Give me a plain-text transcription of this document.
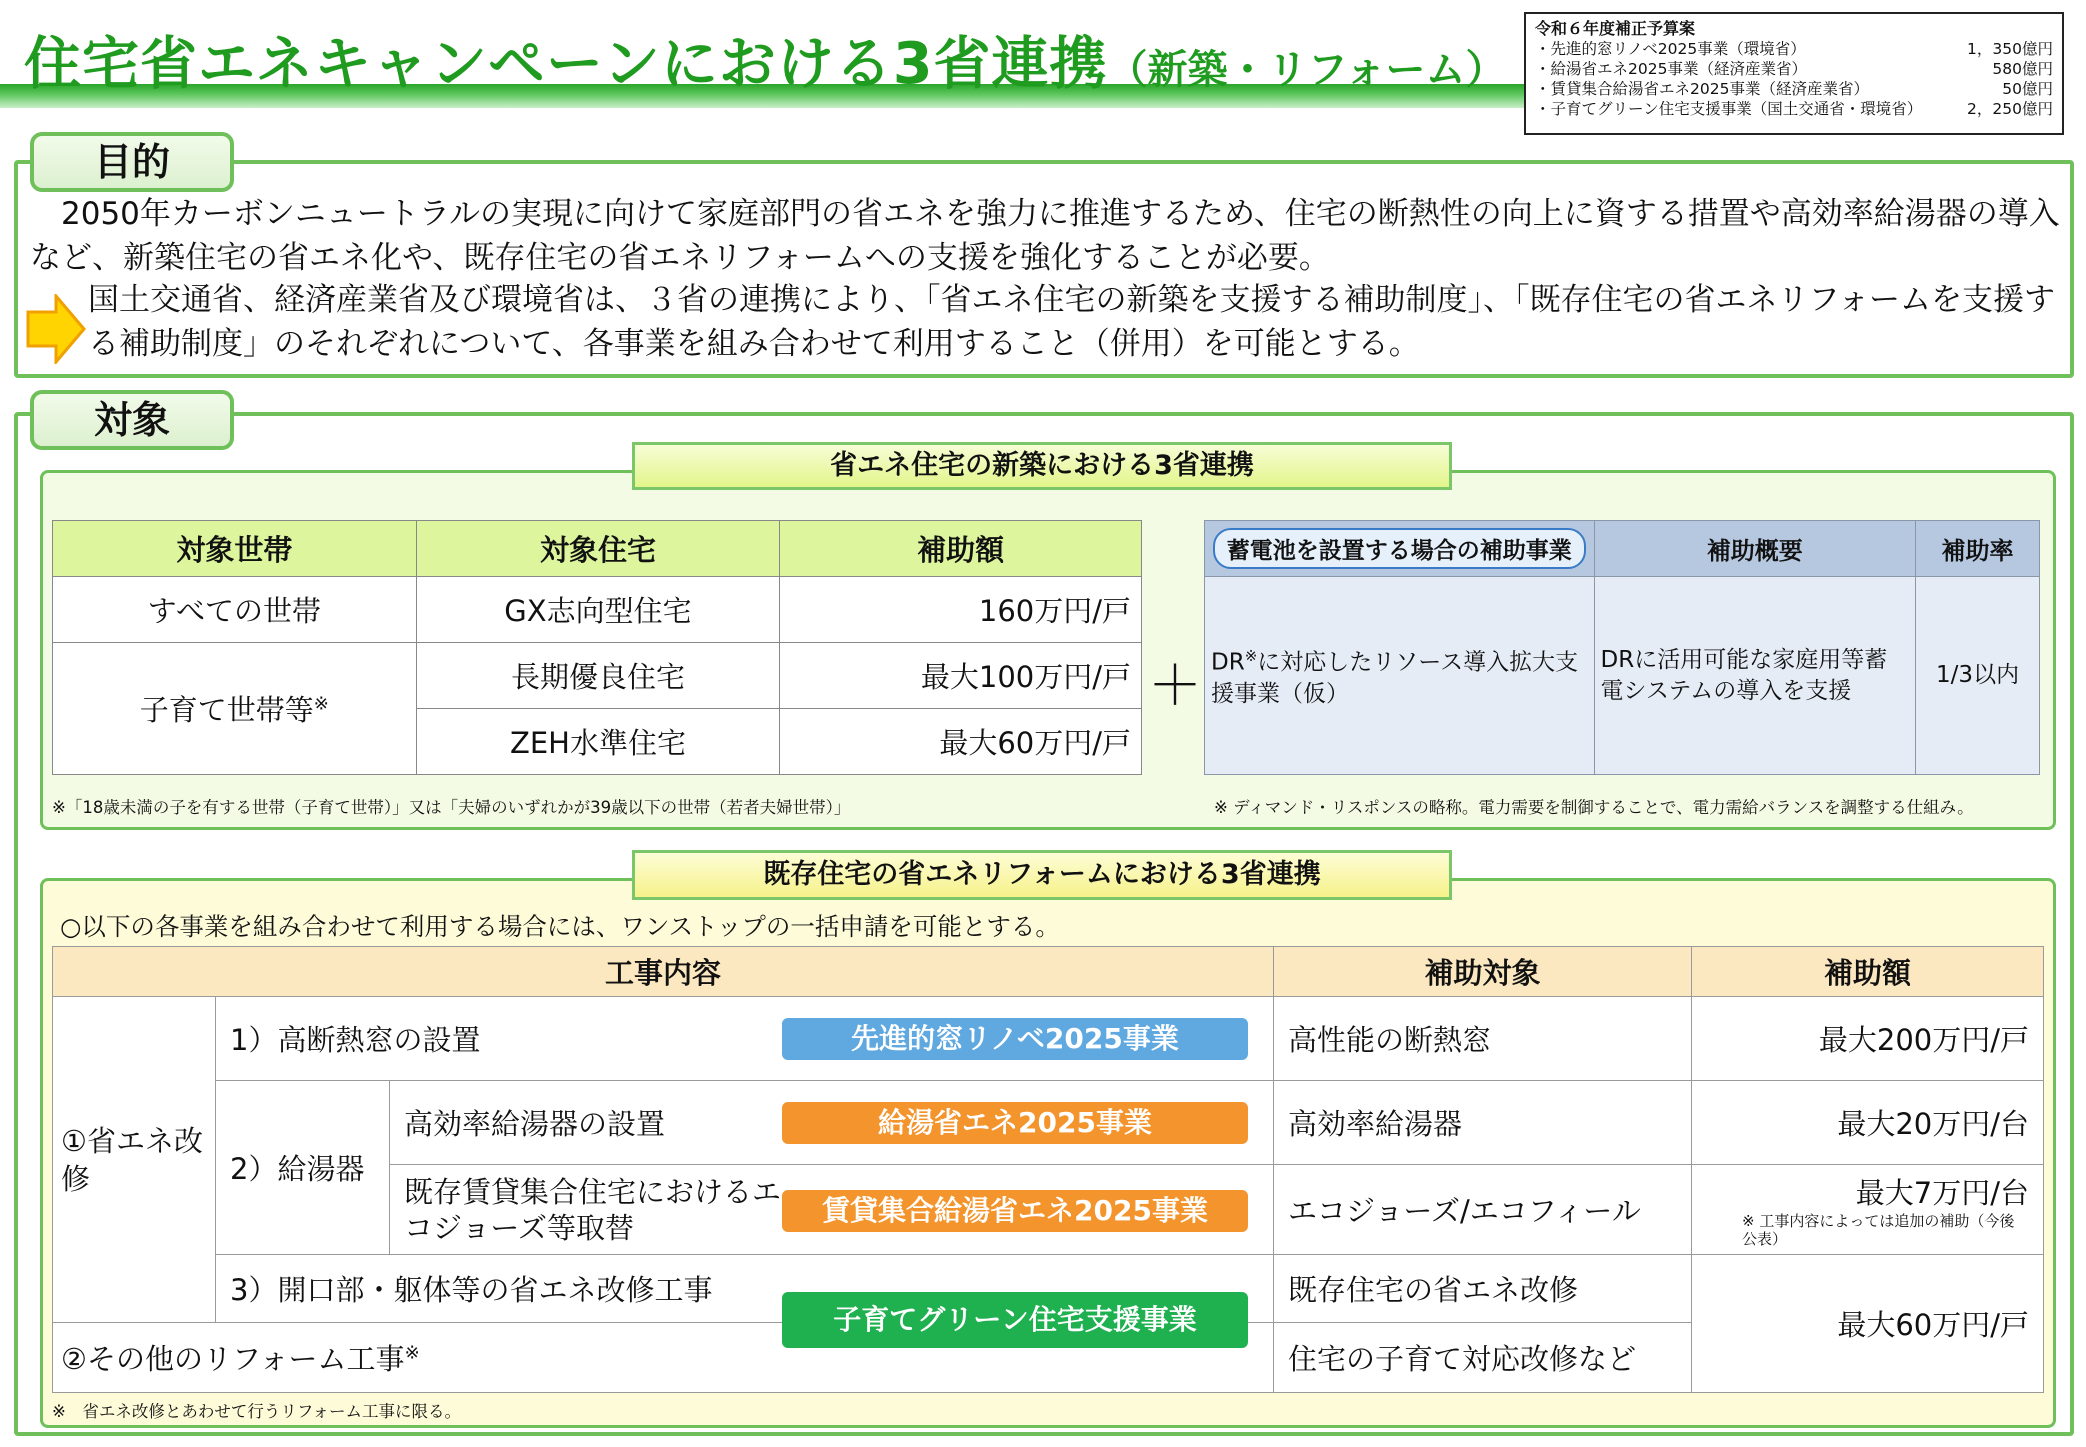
住宅省エネキャンペーンにおける3省連携（新築・リフォーム）
令和６年度補正予算案
・先進的窓リノベ2025事業（環境省）	1，350億円
・給湯省エネ2025事業（経済産業省）	580億円
・賃貸集合給湯省エネ2025事業（経済産業省）	50億円
・子育てグリーン住宅支援事業（国土交通省・環境省）	2，250億円
目的
　2050年カーボンニュートラルの実現に向けて家庭部門の省エネを強力に推進するため、住宅の断熱性の向上に資する措置や高効率給湯器の導入など、新築住宅の省エネ化や、既存住宅の省エネリフォームへの支援を強化することが必要。
国土交通省、経済産業省及び環境省は、３省の連携により、「省エネ住宅の新築を支援する補助制度」、「既存住宅の省エネリフォームを支援する補助制度」のそれぞれについて、各事業を組み合わせて利用すること（併用）を可能とする。
対象
省エネ住宅の新築における3省連携
対象世帯	対象住宅	補助額
すべての世帯	GX志向型住宅	160万円/戸
子育て世帯等※	長期優良住宅	最大100万円/戸
	ZEH水準住宅	最大60万円/戸
＋
蓄電池を設置する場合の補助事業	補助概要	補助率
DR※に対応したリソース導入拡大支援事業（仮）	DRに活用可能な家庭用等蓄電システムの導入を支援	1/3以内
※「18歳未満の子を有する世帯（子育て世帯）」又は「夫婦のいずれかが39歳以下の世帯（若者夫婦世帯）」	※ ディマンド・リスポンスの略称。電力需要を制御することで、電力需給バランスを調整する仕組み。
既存住宅の省エネリフォームにおける3省連携
○以下の各事業を組み合わせて利用する場合には、ワンストップの一括申請を可能とする。
工事内容			補助対象	補助額
①省エネ改修	1）高断熱窓の設置		高性能の断熱窓	最大200万円/戸
	2）給湯器	高効率給湯器の設置	高効率給湯器	最大20万円/台
		既存賃貸集合住宅におけるエコジョーズ等取替	エコジョーズ/エコフィール	最大7万円/台
※ 工事内容によっては追加の補助（今後公表）

	3）開口部・躯体等の省エネ改修工事		既存住宅の省エネ改修	最大60万円/戸
②その他のリフォーム工事※			住宅の子育て対応改修など	
先進的窓リノベ2025事業
給湯省エネ2025事業
賃貸集合給湯省エネ2025事業
子育てグリーン住宅支援事業
※　省エネ改修とあわせて行うリフォーム工事に限る。
